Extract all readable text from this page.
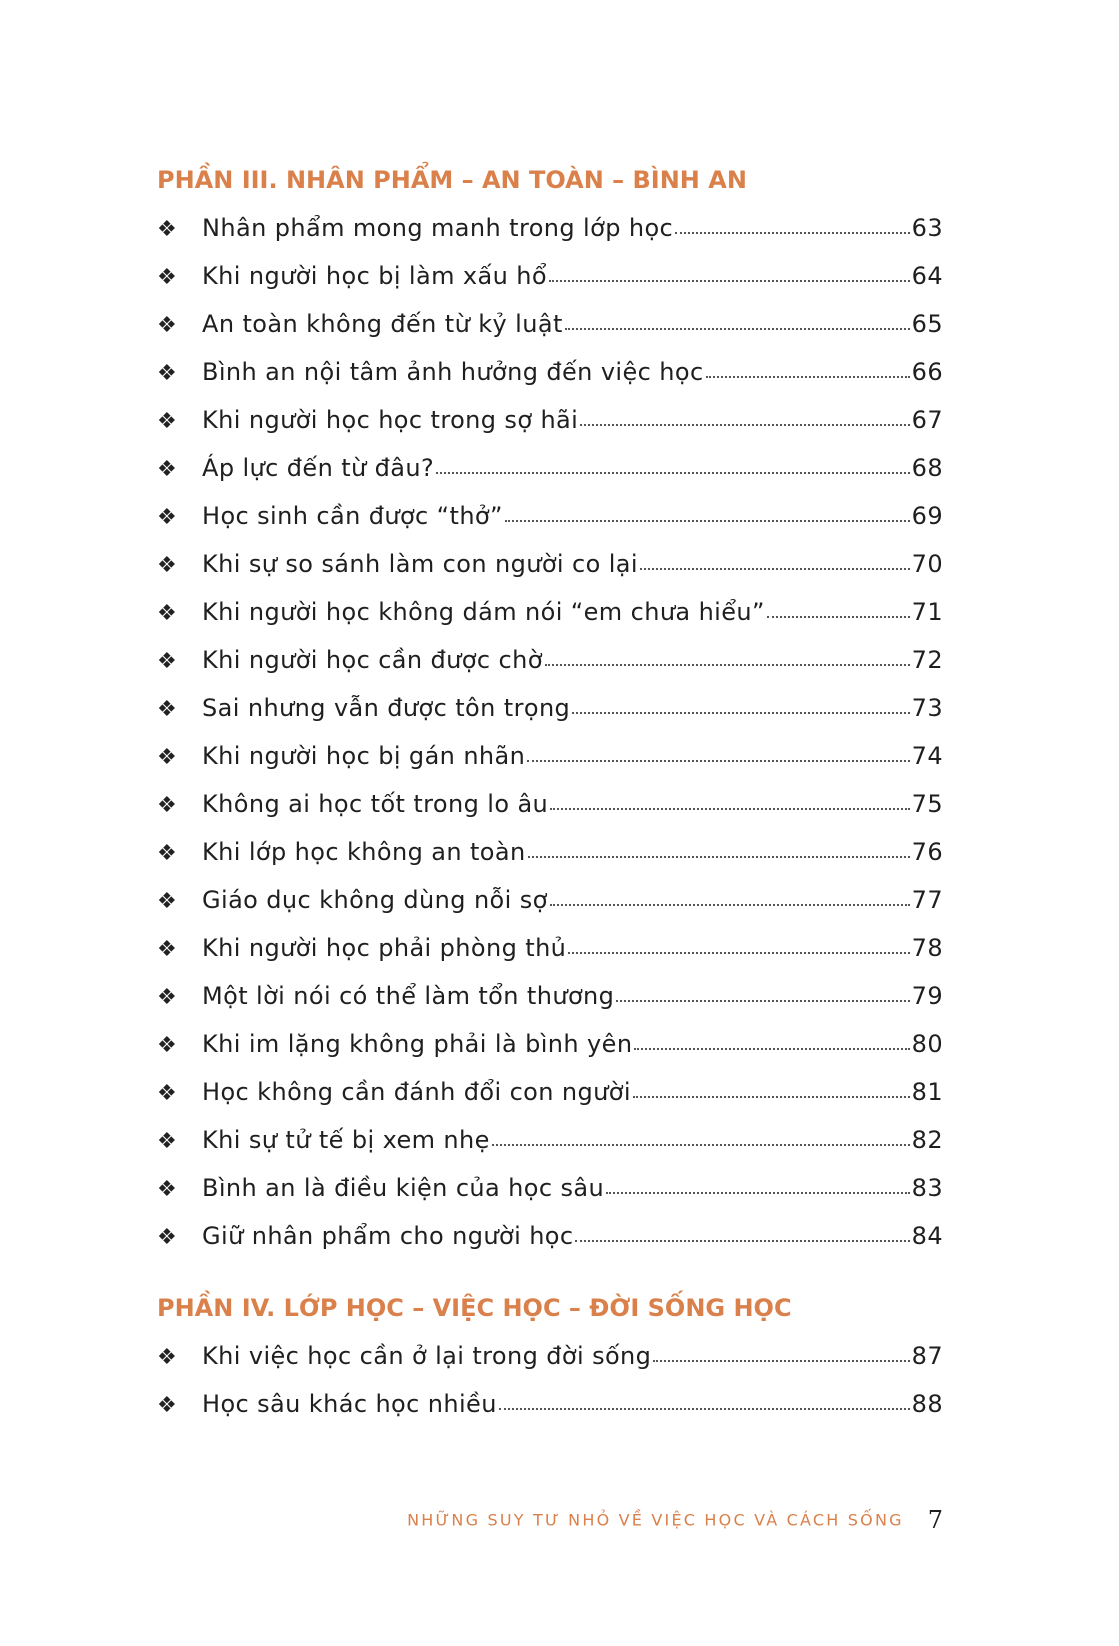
PHẦN III. NHÂN PHẨM – AN TOÀN – BÌNH AN
❖	Nhân phẩm mong manh trong lớp học	63
❖	Khi người học bị làm xấu hổ	64
❖	An toàn không đến từ kỷ luật	65
❖	Bình an nội tâm ảnh hưởng đến việc học	66
❖	Khi người học học trong sợ hãi	67
❖	Áp lực đến từ đâu?	68
❖	Học sinh cần được “thở”	69
❖	Khi sự so sánh làm con người co lại	70
❖	Khi người học không dám nói “em chưa hiểu”	71
❖	Khi người học cần được chờ	72
❖	Sai nhưng vẫn được tôn trọng	73
❖	Khi người học bị gán nhãn	74
❖	Không ai học tốt trong lo âu	75
❖	Khi lớp học không an toàn	76
❖	Giáo dục không dùng nỗi sợ	77
❖	Khi người học phải phòng thủ	78
❖	Một lời nói có thể làm tổn thương	79
❖	Khi im lặng không phải là bình yên	80
❖	Học không cần đánh đổi con người	81
❖	Khi sự tử tế bị xem nhẹ	82
❖	Bình an là điều kiện của học sâu	83
❖	Giữ nhân phẩm cho người học	84
PHẦN IV. LỚP HỌC – VIỆC HỌC – ĐỜI SỐNG HỌC
❖	Khi việc học cần ở lại trong đời sống	87
❖	Học sâu khác học nhiều	88
NHỮNG SUY TƯ NHỎ VỀ VIỆC HỌC VÀ CÁCH SỐNG 7
